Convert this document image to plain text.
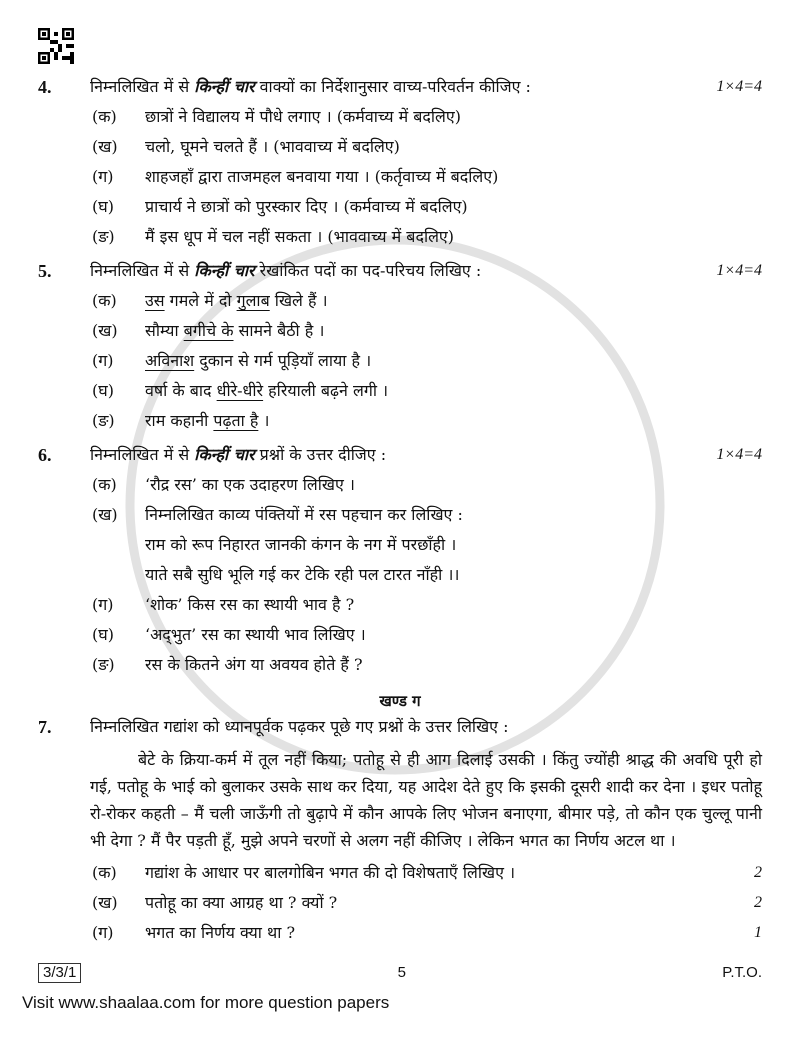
4.	निम्नलिखित में से किन्हीं चार वाक्यों का निर्देशानुसार वाच्य-परिवर्तन कीजिए :	1×4=4
(क)	छात्रों ने विद्यालय में पौधे लगाए । (कर्मवाच्य में बदलिए)
(ख)	चलो, घूमने चलते हैं । (भाववाच्य में बदलिए)
(ग)	शाहजहाँ द्वारा ताजमहल बनवाया गया । (कर्तृवाच्य में बदलिए)
(घ)	प्राचार्य ने छात्रों को पुरस्कार दिए । (कर्मवाच्य में बदलिए)
(ङ)	मैं इस धूप में चल नहीं सकता । (भाववाच्य में बदलिए)
5.	निम्नलिखित में से किन्हीं चार रेखांकित पदों का पद-परिचय लिखिए :	1×4=4
(क)	उस गमले में दो गुलाब खिले हैं ।
(ख)	सौम्या बगीचे के सामने बैठी है ।
(ग)	अविनाश दुकान से गर्म पूड़ियाँ लाया है ।
(घ)	वर्षा के बाद धीरे-धीरे हरियाली बढ़ने लगी ।
(ङ)	राम कहानी पढ़ता है ।
6.	निम्नलिखित में से किन्हीं चार प्रश्नों के उत्तर दीजिए :	1×4=4
(क)	‘रौद्र रस’ का एक उदाहरण लिखिए ।
(ख)	निम्नलिखित काव्य पंक्तियों में रस पहचान कर लिखिए :
राम को रूप निहारत जानकी कंगन के नग में परछाँही ।
याते सबै सुधि भूलि गई कर टेकि रही पल टारत नाँही ।।
(ग)	‘शोक’ किस रस का स्थायी भाव है ?
(घ)	‘अद्‌भुत’ रस का स्थायी भाव लिखिए ।
(ङ)	रस के कितने अंग या अवयव होते हैं ?
खण्ड ग
7.	निम्नलिखित गद्यांश को ध्यानपूर्वक पढ़कर पूछे गए प्रश्नों के उत्तर लिखिए :
बेटे के क्रिया-कर्म में तूल नहीं किया; पतोहू से ही आग दिलाई उसकी । किंतु ज्योंही श्राद्ध की अवधि पूरी हो गई, पतोहू के भाई को बुलाकर उसके साथ कर दिया, यह आदेश देते हुए कि इसकी दूसरी शादी कर देना । इधर पतोहू रो-रोकर कहती – मैं चली जाऊँगी तो बुढ़ापे में कौन आपके लिए भोजन बनाएगा, बीमार पड़े, तो कौन एक चुल्लू पानी भी देगा ? मैं पैर पड़ती हूँ, मुझे अपने चरणों से अलग नहीं कीजिए । लेकिन भगत का निर्णय अटल था ।
(क)	गद्यांश के आधार पर बालगोबिन भगत की दो विशेषताएँ लिखिए ।	2
(ख)	पतोहू का क्या आग्रह था ? क्यों ?	2
(ग)	भगत का निर्णय क्या था ?	1
3/3/1	5	P.T.O.
Visit www.shaalaa.com for more question papers
